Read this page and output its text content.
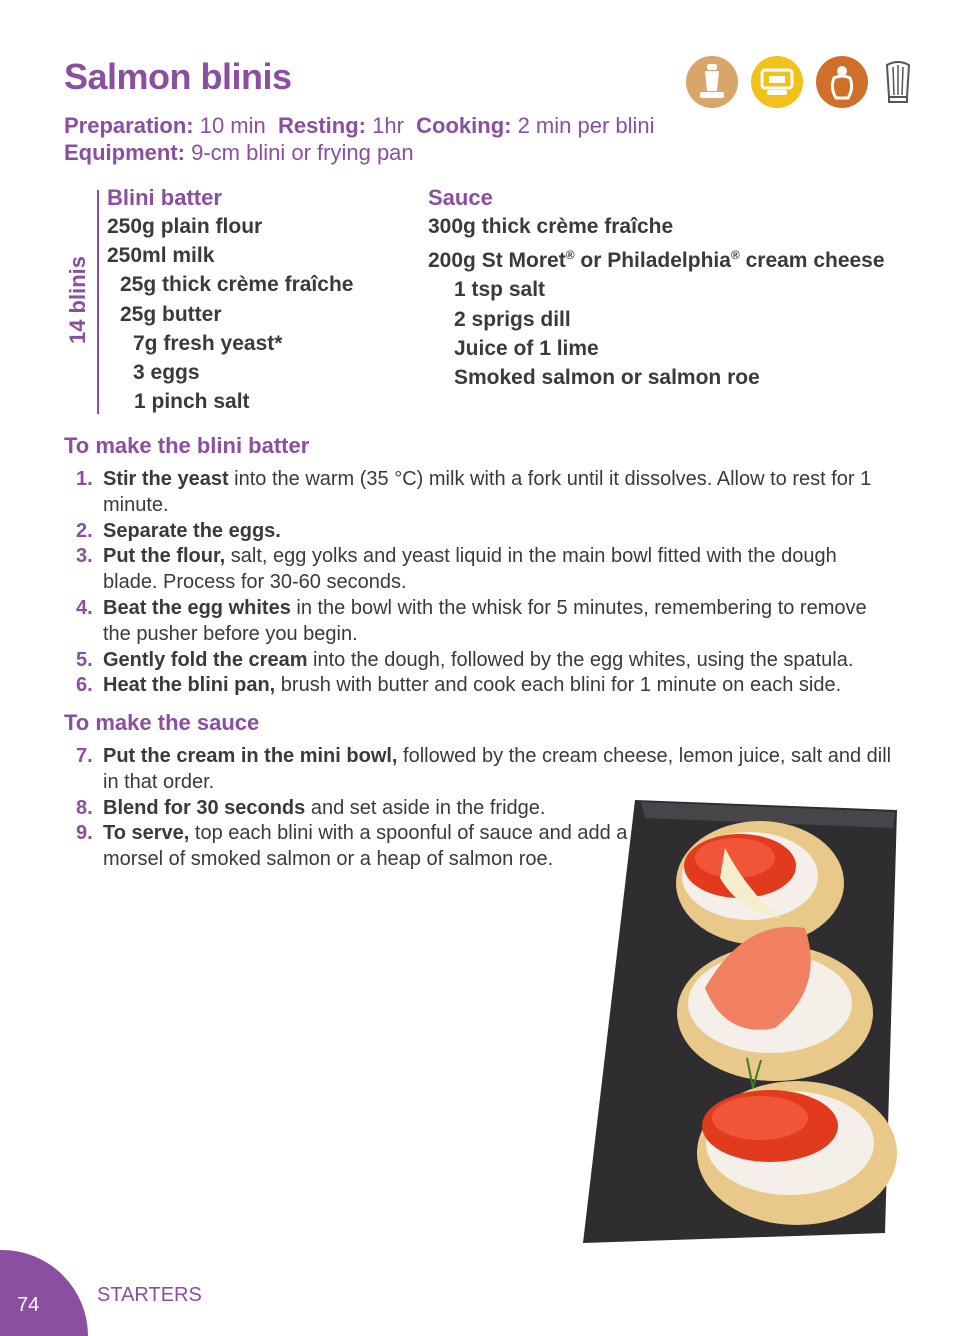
Salmon blinis
Preparation: 10 min Resting: 1hr Cooking: 2 min per blini
Equipment: 9-cm blini or frying pan
14 blinis
Blini batter
250g plain flour
250ml milk
25g thick crème fraîche
25g butter
7g fresh yeast*
3 eggs
1 pinch salt
Sauce
300g thick crème fraîche
200g St Moret® or Philadelphia® cream cheese
1 tsp salt
2 sprigs dill
Juice of 1 lime
Smoked salmon or salmon roe
To make the blini batter
1. Stir the yeast into the warm (35 °C) milk with a fork until it dissolves. Allow to rest for 1 minute.
2. Separate the eggs.
3. Put the flour, salt, egg yolks and yeast liquid in the main bowl fitted with the dough blade. Process for 30-60 seconds.
4. Beat the egg whites in the bowl with the whisk for 5 minutes, remembering to remove the pusher before you begin.
5. Gently fold the cream into the dough, followed by the egg whites, using the spatula.
6. Heat the blini pan, brush with butter and cook each blini for 1 minute on each side.
To make the sauce
7. Put the cream in the mini bowl, followed by the cream cheese, lemon juice, salt and dill in that order.
8. Blend for 30 seconds and set aside in the fridge.
9. To serve, top each blini with a spoonful of sauce and add a morsel of smoked salmon or a heap of salmon roe.
74	STARTERS
